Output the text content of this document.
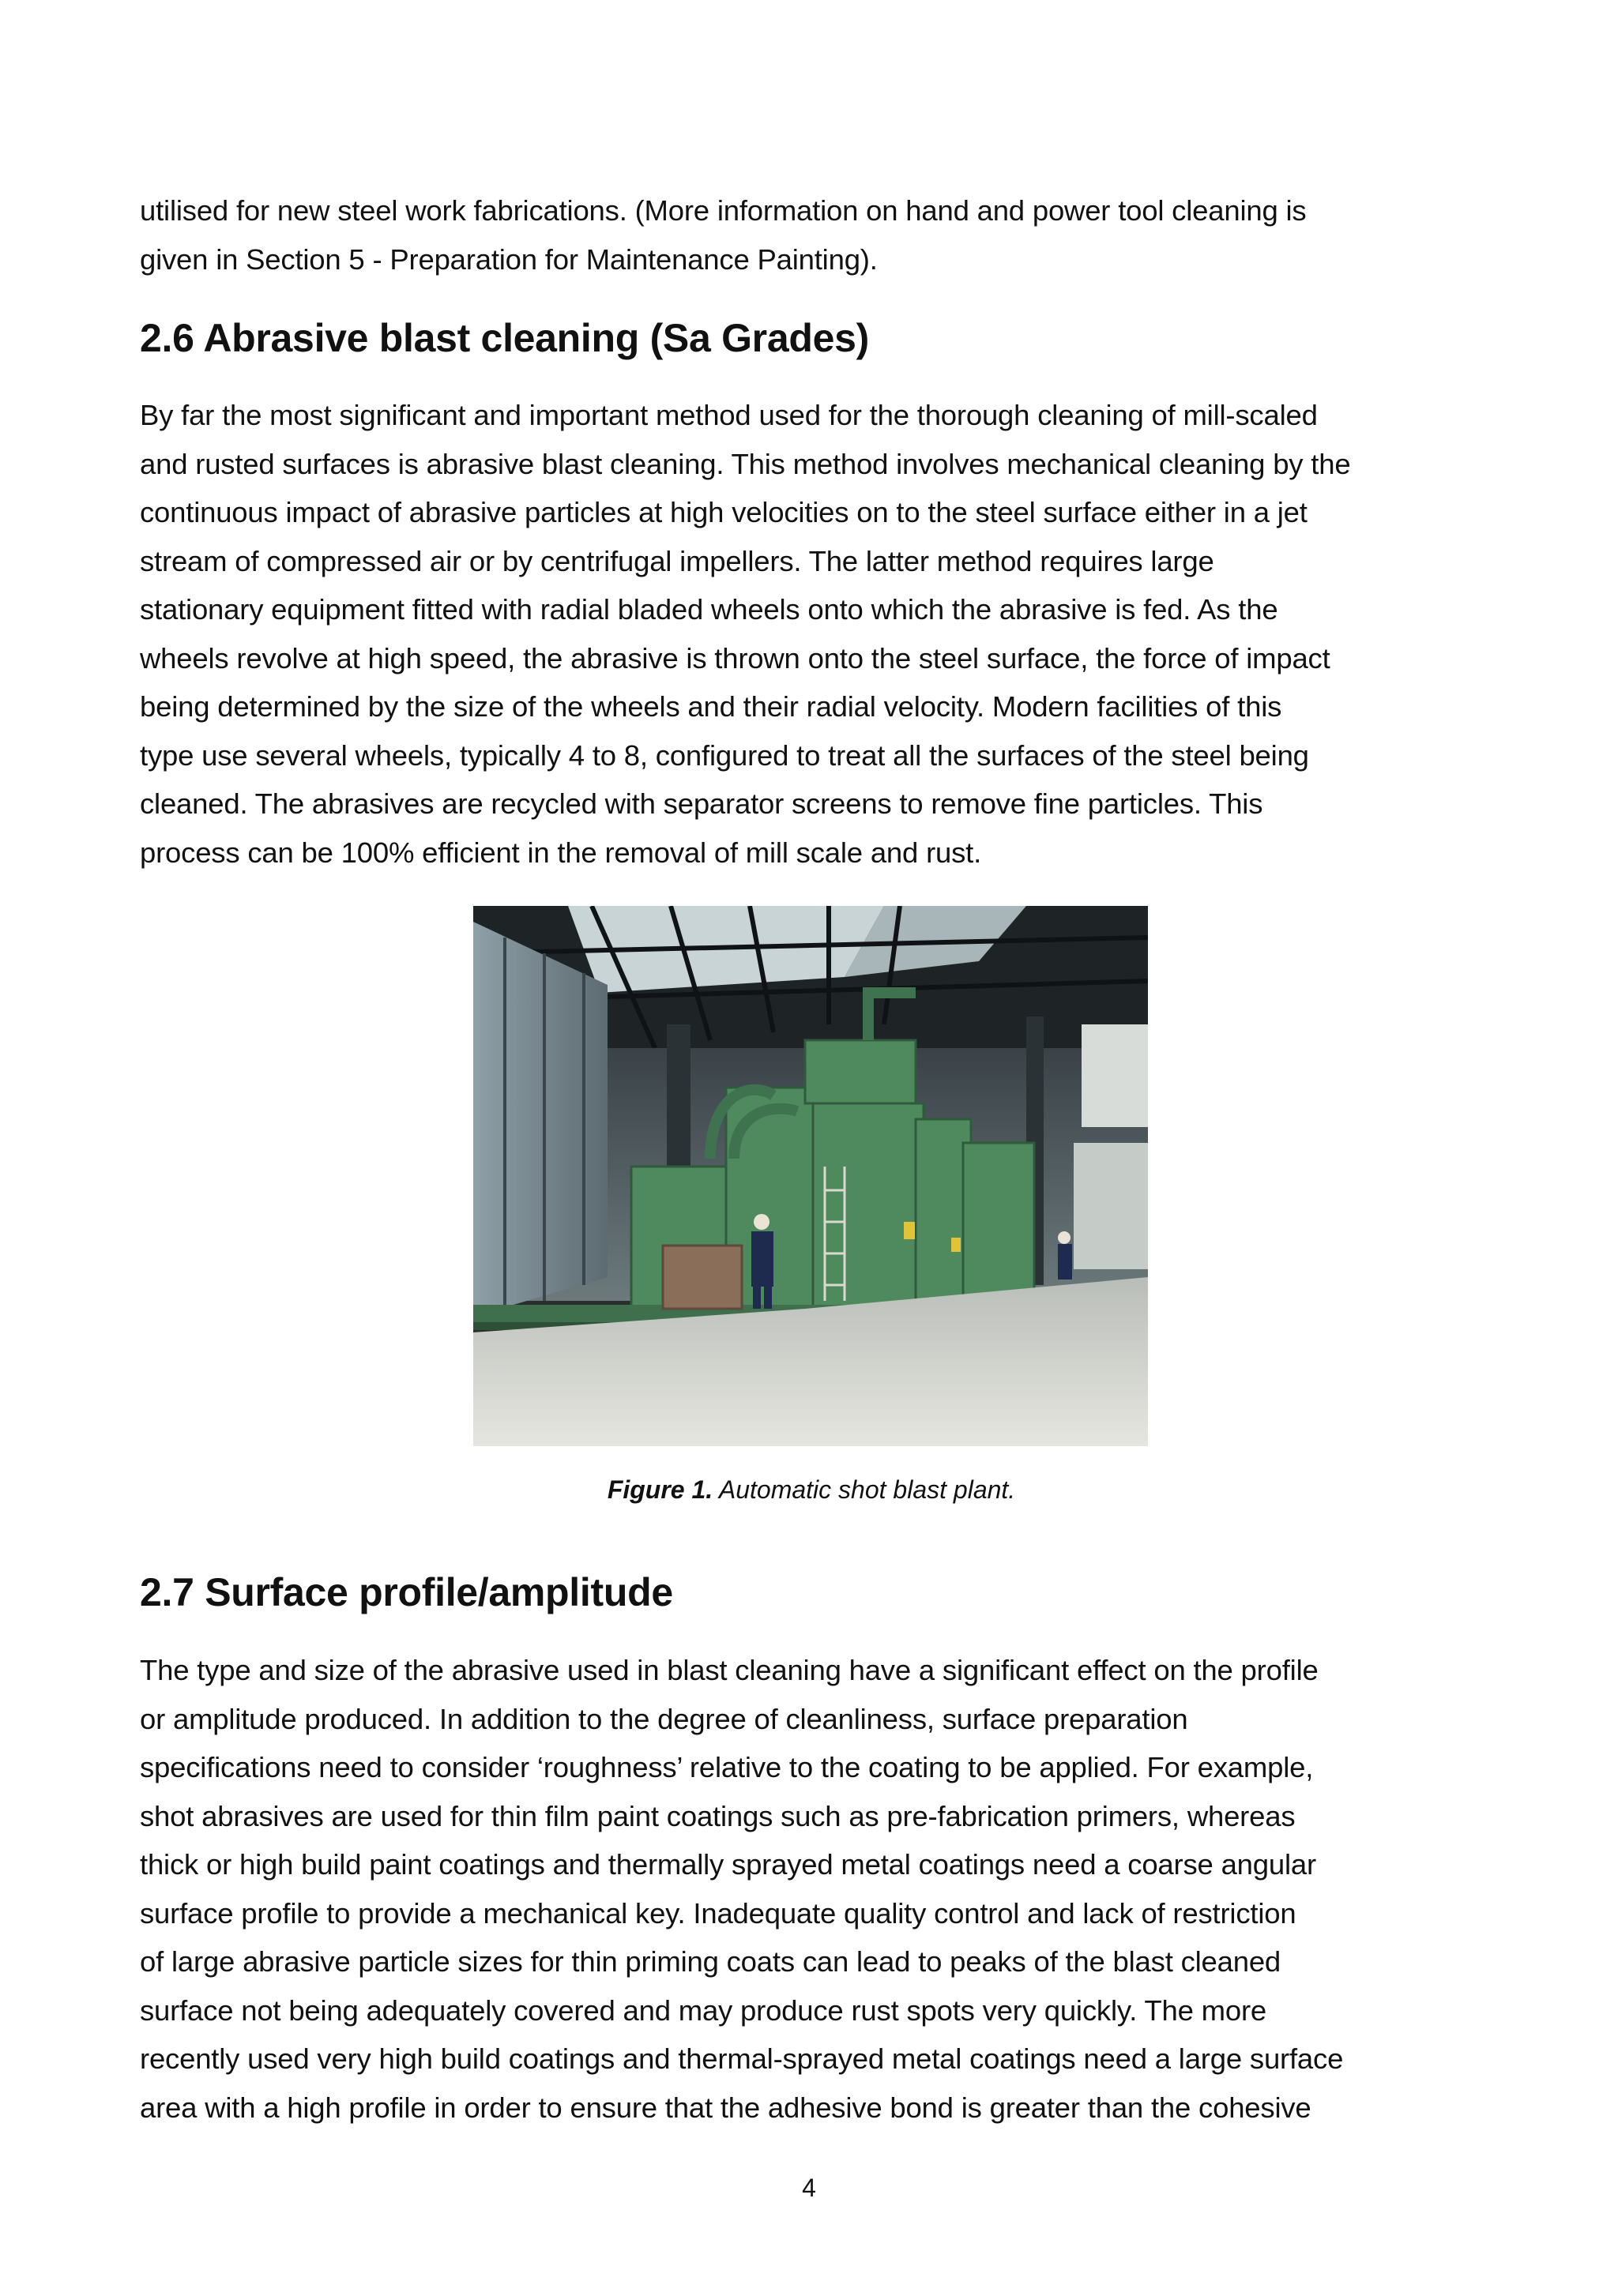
utilised for new steel work fabrications. (More information on hand and power tool cleaning is
given in Section 5 - Preparation for Maintenance Painting).

2.6 Abrasive blast cleaning (Sa Grades)

By far the most significant and important method used for the thorough cleaning of mill-scaled
and rusted surfaces is abrasive blast cleaning. This method involves mechanical cleaning by the
continuous impact of abrasive particles at high velocities on to the steel surface either in a jet
stream of compressed air or by centrifugal impellers. The latter method requires large
stationary equipment fitted with radial bladed wheels onto which the abrasive is fed. As the
wheels revolve at high speed, the abrasive is thrown onto the steel surface, the force of impact
being determined by the size of the wheels and their radial velocity. Modern facilities of this
type use several wheels, typically 4 to 8, configured to treat all the surfaces of the steel being
cleaned. The abrasives are recycled with separator screens to remove fine particles. This
process can be 100% efficient in the removal of mill scale and rust.

Figure 1. Automatic shot blast plant.
2.7 Surface profile/amplitude

The type and size of the abrasive used in blast cleaning have a significant effect on the profile
or amplitude produced. In addition to the degree of cleanliness, surface preparation
specifications need to consider ‘roughness’ relative to the coating to be applied. For example,
shot abrasives are used for thin film paint coatings such as pre-fabrication primers, whereas
thick or high build paint coatings and thermally sprayed metal coatings need a coarse angular
surface profile to provide a mechanical key. Inadequate quality control and lack of restriction
of large abrasive particle sizes for thin priming coats can lead to peaks of the blast cleaned
surface not being adequately covered and may produce rust spots very quickly. The more
recently used very high build coatings and thermal-sprayed metal coatings need a large surface
area with a high profile in order to ensure that the adhesive bond is greater than the cohesive

4
